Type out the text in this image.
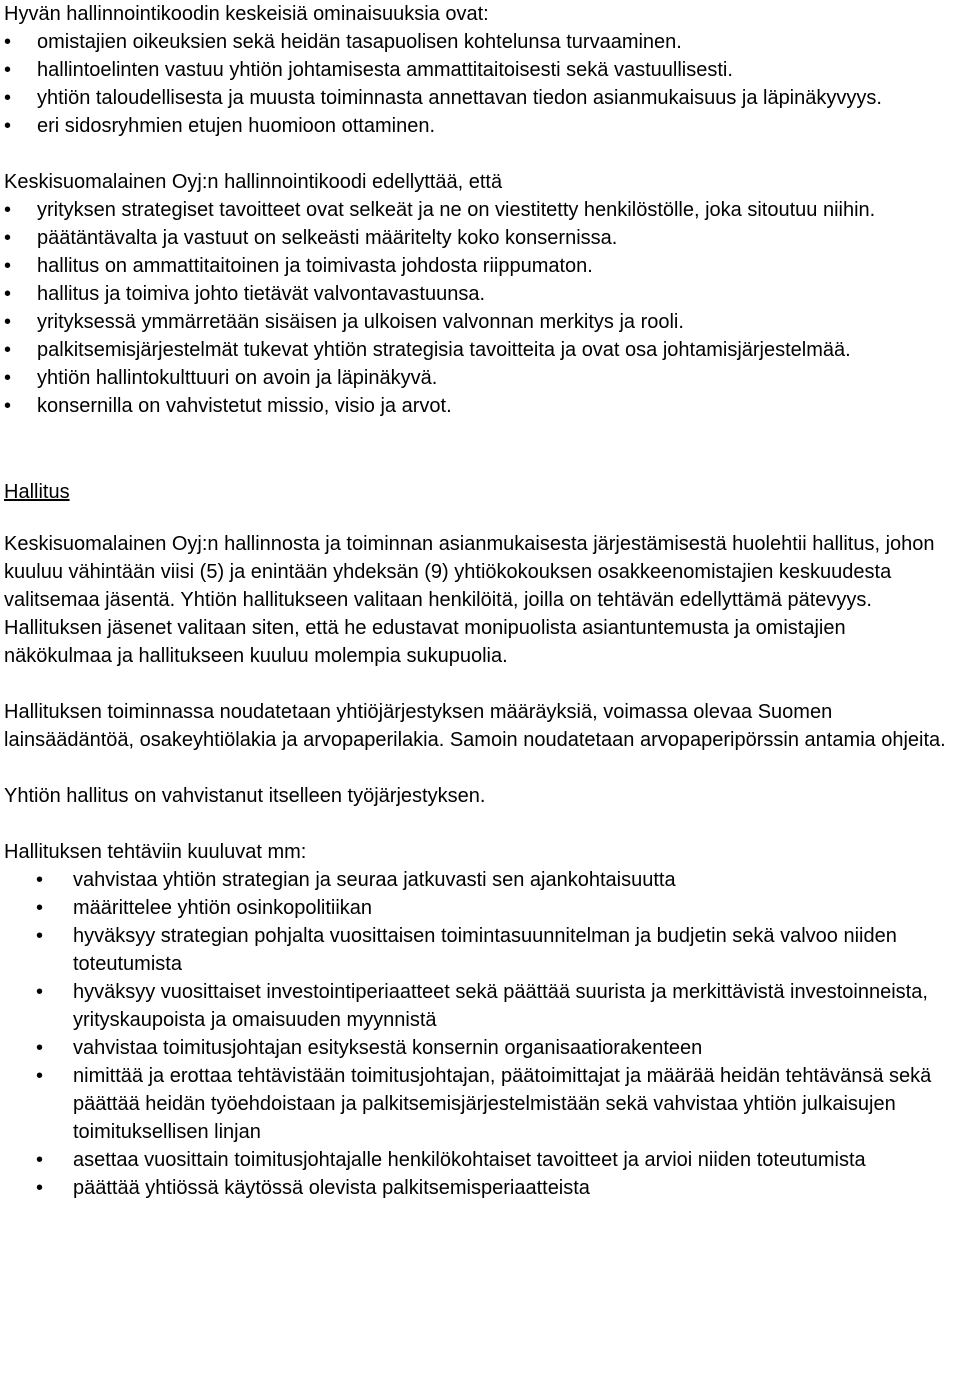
Hyvän hallinnointikoodin keskeisiä ominaisuuksia ovat:

• omistajien oikeuksien sekä heidän tasapuolisen kohtelunsa turvaaminen.
• hallintoelinten vastuu yhtiön johtamisesta ammattitaitoisesti sekä vastuullisesti.
• yhtiön taloudellisesta ja muusta toiminnasta annettavan tiedon asianmukaisuus ja läpinäkyvyys.
• eri sidosryhmien etujen huomioon ottaminen.

Keskisuomalainen Oyj:n hallinnointikoodi edellyttää, että

• yrityksen strategiset tavoitteet ovat selkeät ja ne on viestitetty henkilöstölle, joka sitoutuu niihin.
• päätäntävalta ja vastuut on selkeästi määritelty koko konsernissa.
• hallitus on ammattitaitoinen ja toimivasta johdosta riippumaton.
• hallitus ja toimiva johto tietävät valvontavastuunsa.
• yrityksessä ymmärretään sisäisen ja ulkoisen valvonnan merkitys ja rooli.
• palkitsemisjärjestelmät tukevat yhtiön strategisia tavoitteita ja ovat osa johtamisjärjestelmää.
• yhtiön hallintokulttuuri on avoin ja läpinäkyvä.
• konsernilla on vahvistetut missio, visio ja arvot.
Hallitus

Keskisuomalainen Oyj:n hallinnosta ja toiminnan asianmukaisesta järjestämisestä huolehtii hallitus, johon kuuluu vähintään viisi (5) ja enintään yhdeksän (9) yhtiökokouksen osakkeenomistajien keskuudesta valitsemaa jäsentä. Yhtiön hallitukseen valitaan henkilöitä, joilla on tehtävän edellyttämä pätevyys. Hallituksen jäsenet valitaan siten, että he edustavat monipuolista asiantuntemusta ja omistajien näkökulmaa ja hallitukseen kuuluu molempia sukupuolia.

Hallituksen toiminnassa noudatetaan yhtiöjärjestyksen määräyksiä, voimassa olevaa Suomen lainsäädäntöä, osakeyhtiölakia ja arvopaperilakia. Samoin noudatetaan arvopaperipörssin antamia ohjeita.

Yhtiön hallitus on vahvistanut itselleen työjärjestyksen.

Hallituksen tehtäviin kuuluvat mm:

• vahvistaa yhtiön strategian ja seuraa jatkuvasti sen ajankohtaisuutta
• määrittelee yhtiön osinkopolitiikan
• hyväksyy strategian pohjalta vuosittaisen toimintasuunnitelman ja budjetin sekä valvoo niiden toteutumista
• hyväksyy vuosittaiset investointiperiaatteet sekä päättää suurista ja merkittävistä investoinneista, yrityskaupoista ja omaisuuden myynnistä
• vahvistaa toimitusjohtajan esityksestä konsernin organisaatiorakenteen
• nimittää ja erottaa tehtävistään toimitusjohtajan, päätoimittajat ja määrää heidän tehtävänsä sekä päättää heidän työehdoistaan ja palkitsemisjärjestelmistään sekä vahvistaa yhtiön julkaisujen toimituksellisen linjan
• asettaa vuosittain toimitusjohtajalle henkilökohtaiset tavoitteet ja arvioi niiden toteutumista
• päättää yhtiössä käytössä olevista palkitsemisperiaatteista
